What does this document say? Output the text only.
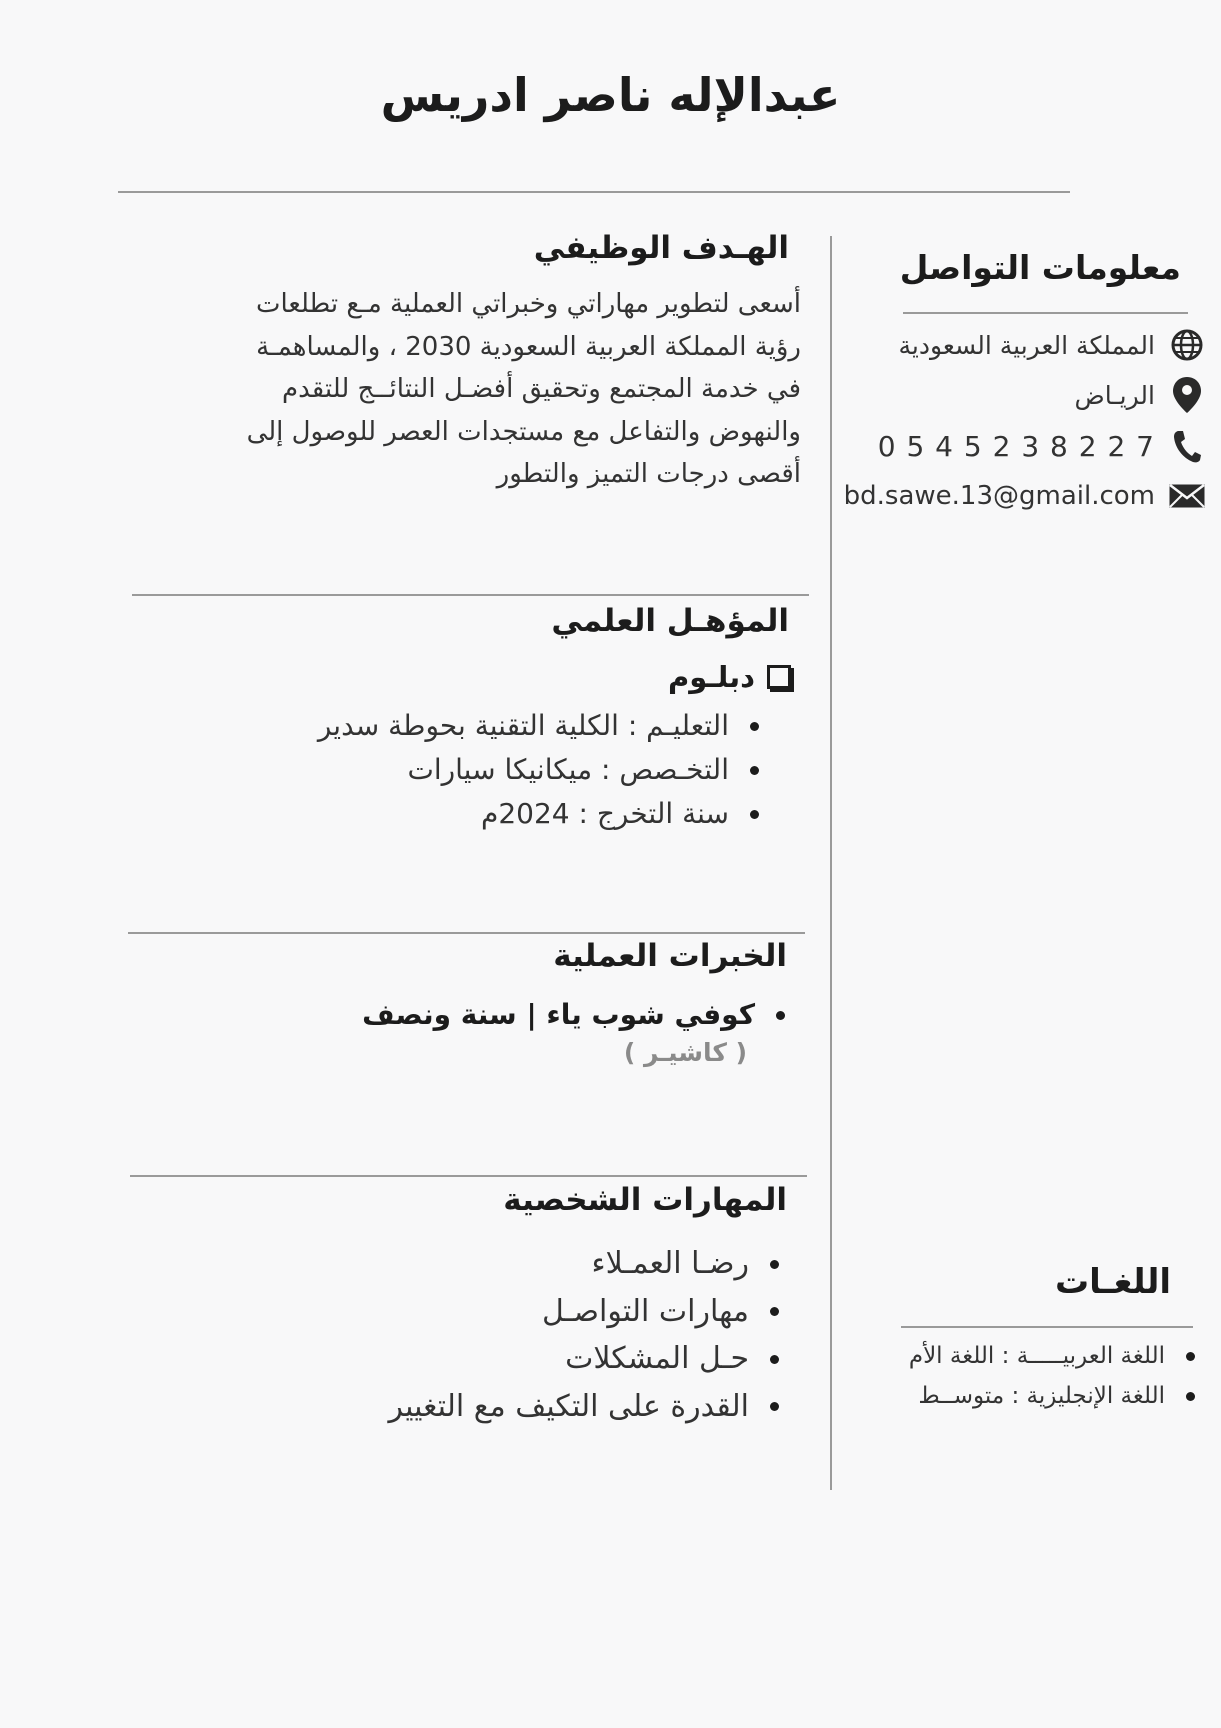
عبدالإله ناصر ادريس
معلومات التواصل
المملكة العربية السعودية
الريـاض
0 5 4 5 2 3 8 2 2 7
bd.sawe.13@gmail.com
اللغـات
اللغة العربيـــــة : اللغة الأم
اللغة الإنجليزية : متوســط
الهـدف الوظيفي
أسعى لتطوير مهاراتي وخبراتي العملية مـع تطلعات
رؤية المملكة العربية السعودية 2030 ، والمساهمـة
في خدمة المجتمع وتحقيق أفضـل النتائــج للتقدم
والنهوض والتفاعل مع مستجدات العصر للوصول إلى
أقصى درجات التميز والتطور
المؤهـل العلمي
دبلـوم
التعليـم : الكلية التقنية بحوطة سدير
التخـصص : ميكانيكا سيارات
سنة التخرج : 2024م
الخبرات العملية
كوفي شوب ياء | سنة ونصف
( كاشيـر )
المهارات الشخصية
رضـا العمـلاء
مهارات التواصـل
حـل المشكلات
القدرة على التكيف مع التغيير
